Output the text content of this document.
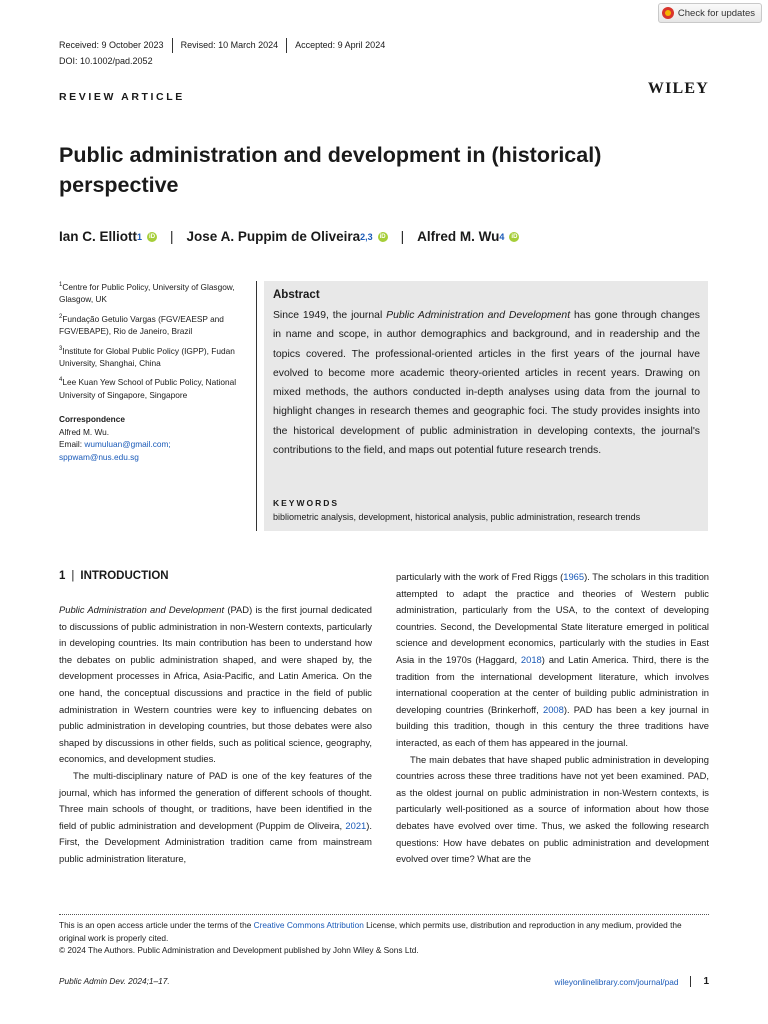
Check for updates
Received: 9 October 2023	Revised: 10 March 2024	Accepted: 9 April 2024
DOI: 10.1002/pad.2052
REVIEW ARTICLE	WILEY
Public administration and development in (historical) perspective
Ian C. Elliott 1	iD | Jose A. Puppim de Oliveira 2,3	iD | Alfred M. Wu 4	iD

$^1$Centre for Public Policy, University of Glasgow, Glasgow, UK

$^2$Fundação Getulio Vargas (FGV/EAESP and FGV/EBAPE), Rio de Janeiro, Brazil

$^3$Institute for Global Public Policy (IGPP), Fudan University, Shanghai, China

$^4$Lee Kuan Yew School of Public Policy, National University of Singapore, Singapore

Correspondence
Alfred M. Wu.
Email: wumuluan@gmail.com;
sppwam@nus.edu.sg
Abstract
Since 1949, the journal Public Administration and Development has gone through changes in name and scope, in author demographics and background, and in readership and the topics covered. The professional-oriented articles in the first years of the journal have evolved to become more academic theory-oriented articles in recent years. Drawing on mixed methods, the authors conducted in-depth analyses using data from the journal to highlight changes in research themes and geographic foci. The study provides insights into the historical development of public administration in developing contexts, the journal's contributions to the field, and maps out potential future research trends.
KEYWORDS
bibliometric analysis, development, historical analysis, public administration, research trends
1 | INTRODUCTION

Public Administration and Development (PAD) is the first journal dedicated to discussions of public administration in non-Western contexts, particularly in developing countries. Its main contribution has been to understand how the debates on public administration shaped, and were shaped by, the development processes in Africa, Asia-Pacific, and Latin America. On the one hand, the conceptual discussions and practice in the field of public administration in Western countries were key to influencing debates on public administration in developing countries, but those debates were also shaped by discussions in other fields, such as political science, geography, economics, and development studies.

The multi-disciplinary nature of PAD is one of the key features of the journal, which has informed the generation of different schools of thought. Three main schools of thought, or traditions, have been identified in the field of public administration and development (Puppim de Oliveira, 2021). First, the Development Administration tradition came from mainstream public administration literature,

particularly with the work of Fred Riggs (1965). The scholars in this tradition attempted to adapt the practice and theories of Western public administration, particularly from the USA, to the context of developing countries. Second, the Developmental State literature emerged in political science and development economics, particularly with the studies in East Asia in the 1970s (Haggard, 2018) and Latin America. Third, there is the tradition from the international development literature, which involves international cooperation at the center of building public administration in developing countries (Brinkerhoff, 2008). PAD has been a key journal in building this tradition, though in this century the three traditions have interacted, as each of them has appeared in the journal.

The main debates that have shaped public administration in developing countries across these three traditions have not yet been examined. PAD, as the oldest journal on public administration in non-Western contexts, is particularly well-positioned as a source of information about how those debates have evolved over time. Thus, we asked the following research questions: How have debates on public administration and development evolved over time? What are the

This is an open access article under the terms of the Creative Commons Attribution License, which permits use, distribution and reproduction in any medium, provided the original work is properly cited.

© 2024 The Authors. Public Administration and Development published by John Wiley & Sons Ltd.

Public Admin Dev. 2024;1–17.	wileyonlinelibrary.com/journal/pad	1
